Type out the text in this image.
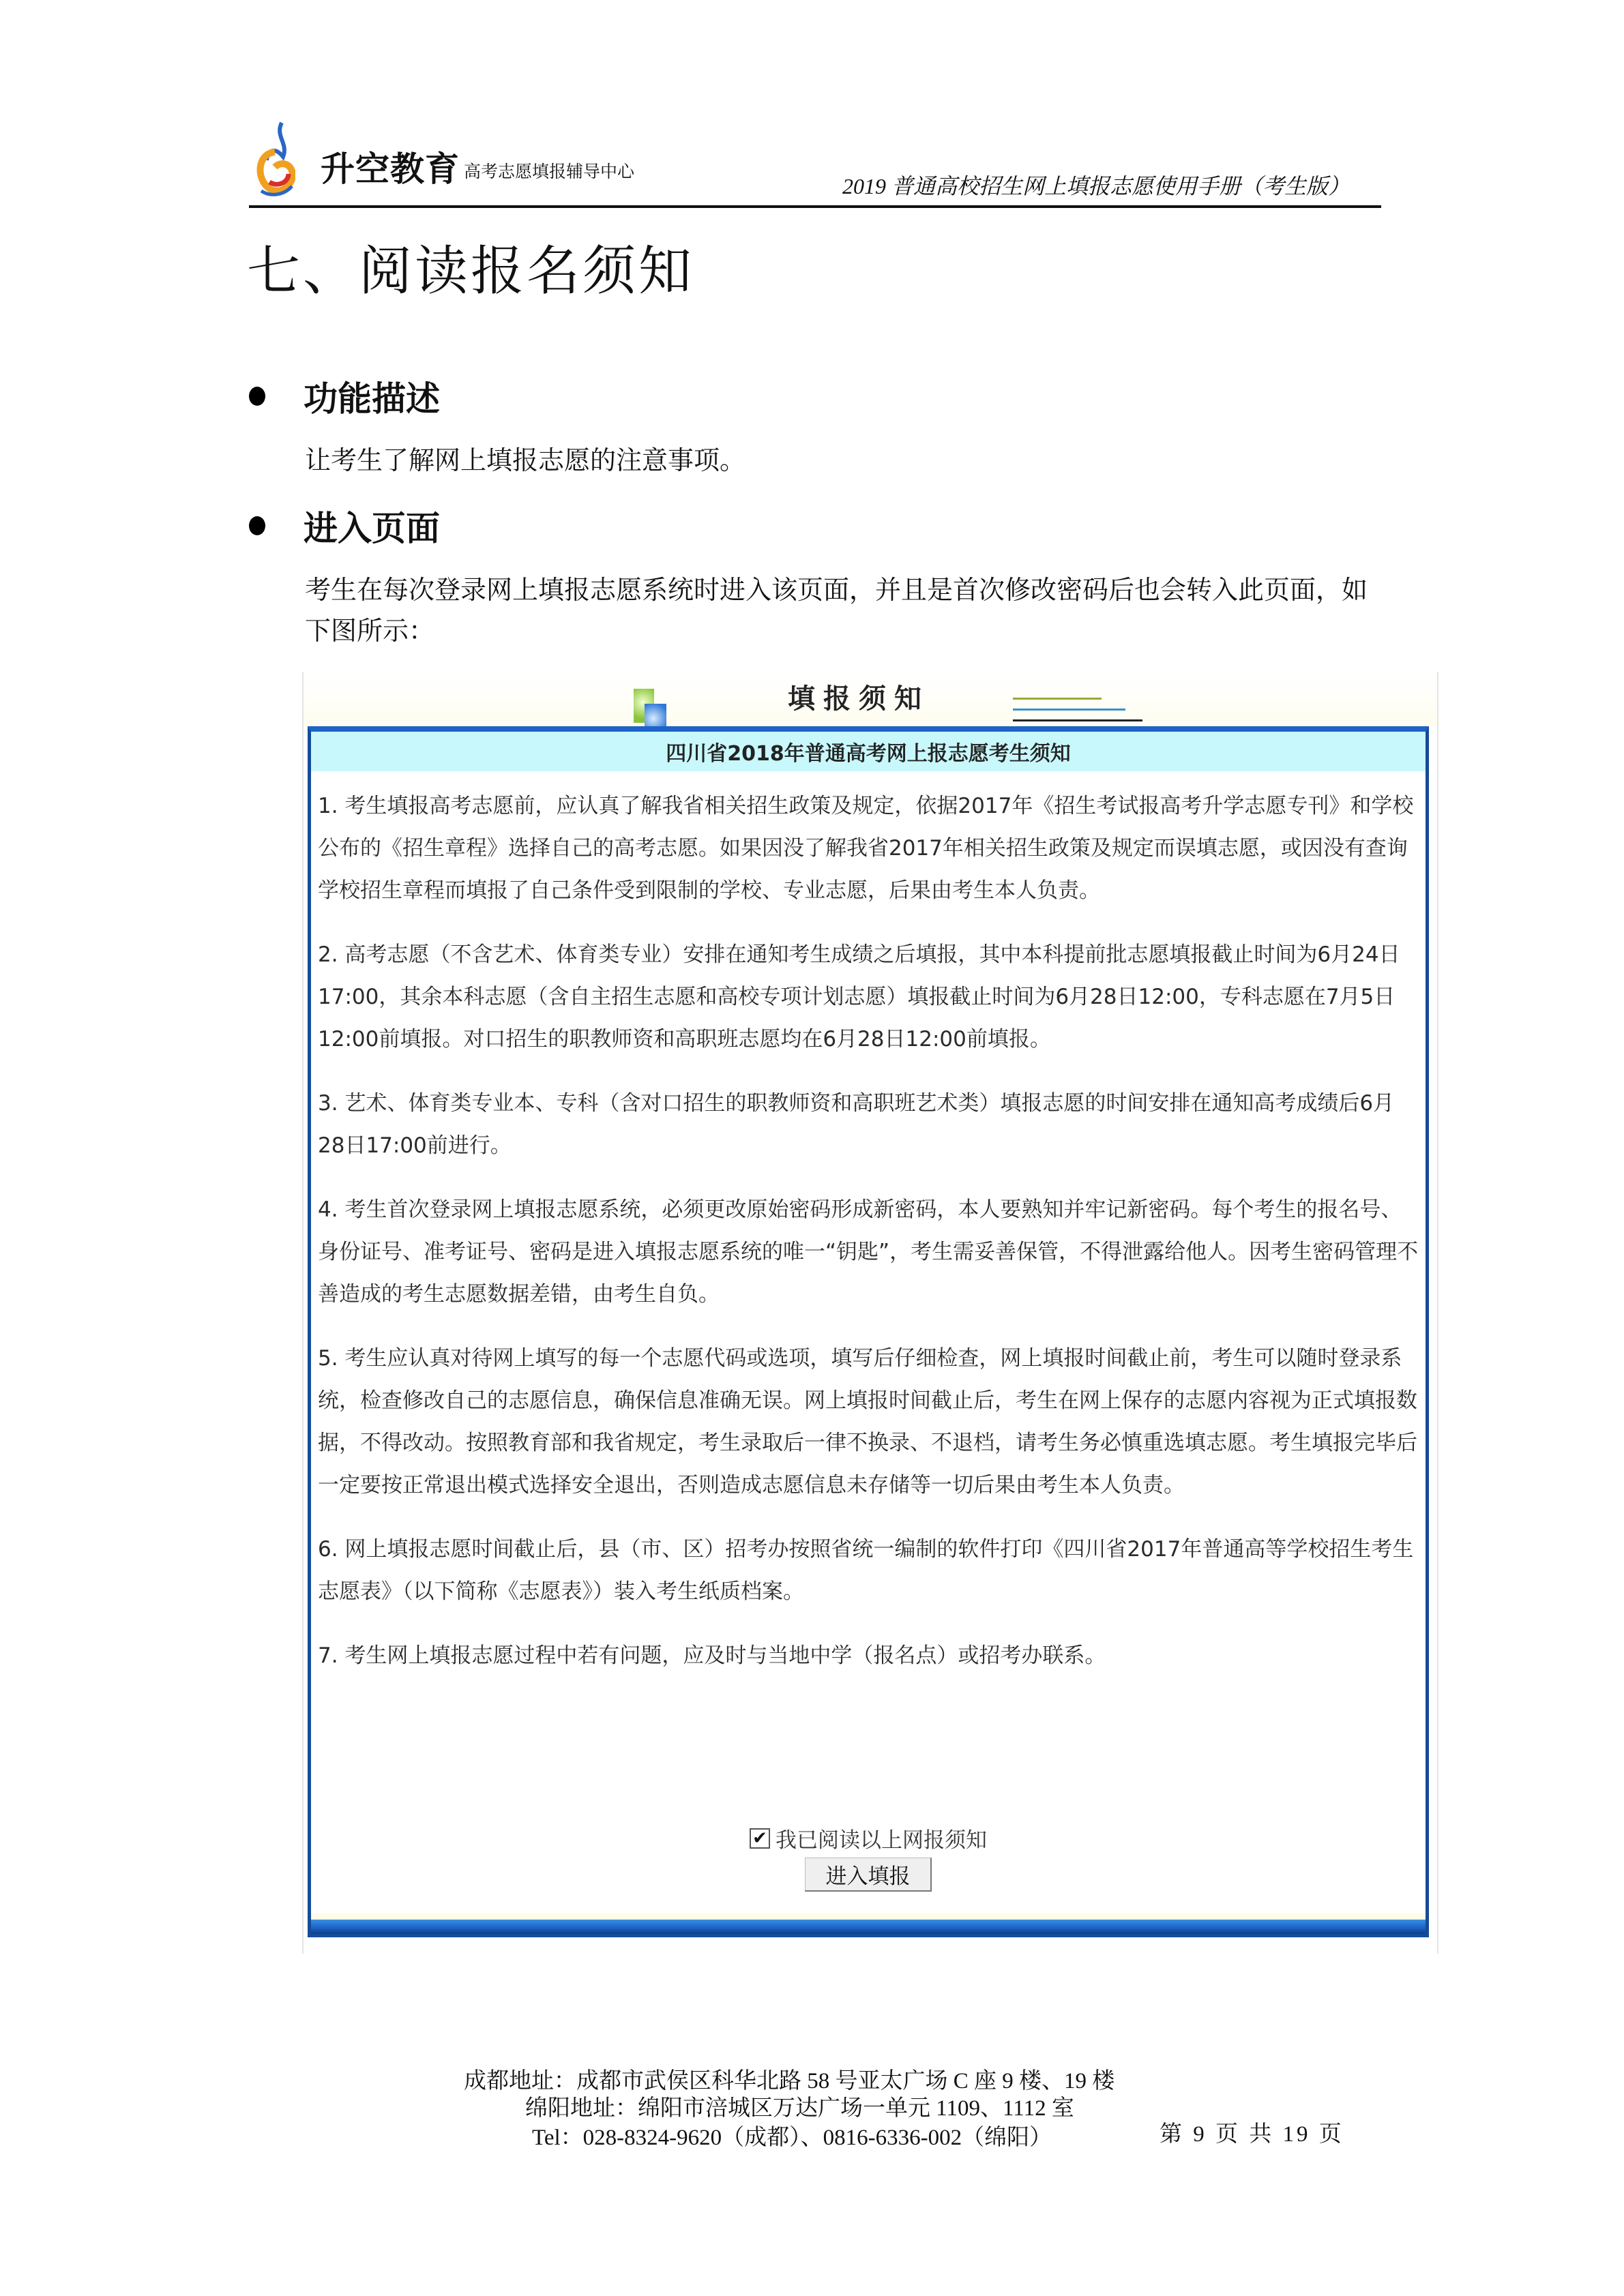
升空教育 高考志愿填报辅导中心
2019 普通高校招生网上填报志愿使用手册（考生版）
七、阅读报名须知
功能描述

让考生了解网上填报志愿的注意事项。

进入页面

考生在每次登录网上填报志愿系统时进入该页面，并且是首次修改密码后也会转入此页面，如下图所示：

填报须知
四川省2018年普通高考网上报志愿考生须知

1. 考生填报高考志愿前，应认真了解我省相关招生政策及规定，依据2017年《招生考试报高考升学志愿专刊》和学校公布的《招生章程》选择自己的高考志愿。如果因没了解我省2017年相关招生政策及规定而误填志愿，或因没有查询学校招生章程而填报了自己条件受到限制的学校、专业志愿，后果由考生本人负责。

2. 高考志愿（不含艺术、体育类专业）安排在通知考生成绩之后填报，其中本科提前批志愿填报截止时间为6月24日17:00，其余本科志愿（含自主招生志愿和高校专项计划志愿）填报截止时间为6月28日12:00，专科志愿在7月5日12:00前填报。对口招生的职教师资和高职班志愿均在6月28日12:00前填报。

3. 艺术、体育类专业本、专科（含对口招生的职教师资和高职班艺术类）填报志愿的时间安排在通知高考成绩后6月28日17:00前进行。

4. 考生首次登录网上填报志愿系统，必须更改原始密码形成新密码，本人要熟知并牢记新密码。每个考生的报名号、身份证号、准考证号、密码是进入填报志愿系统的唯一“钥匙”，考生需妥善保管，不得泄露给他人。因考生密码管理不善造成的考生志愿数据差错，由考生自负。

5. 考生应认真对待网上填写的每一个志愿代码或选项，填写后仔细检查，网上填报时间截止前，考生可以随时登录系统，检查修改自己的志愿信息，确保信息准确无误。网上填报时间截止后，考生在网上保存的志愿内容视为正式填报数据，不得改动。按照教育部和我省规定，考生录取后一律不换录、不退档，请考生务必慎重选填志愿。考生填报完毕后一定要按正常退出模式选择安全退出，否则造成志愿信息未存储等一切后果由考生本人负责。

6. 网上填报志愿时间截止后，县（市、区）招考办按照省统一编制的软件打印《四川省2017年普通高等学校招生考生志愿表》（以下简称《志愿表》）装入考生纸质档案。

7. 考生网上填报志愿过程中若有问题，应及时与当地中学（报名点）或招考办联系。

✔ 我已阅读以上网报须知
进入填报
成都地址：成都市武侯区科华北路 58 号亚太广场 C 座 9 楼、19 楼
绵阳地址：绵阳市涪城区万达广场一单元 1109、1112 室
Tel：028-8324-9620（成都）、0816-6336-002（绵阳）	第 9 页 共 19 页
